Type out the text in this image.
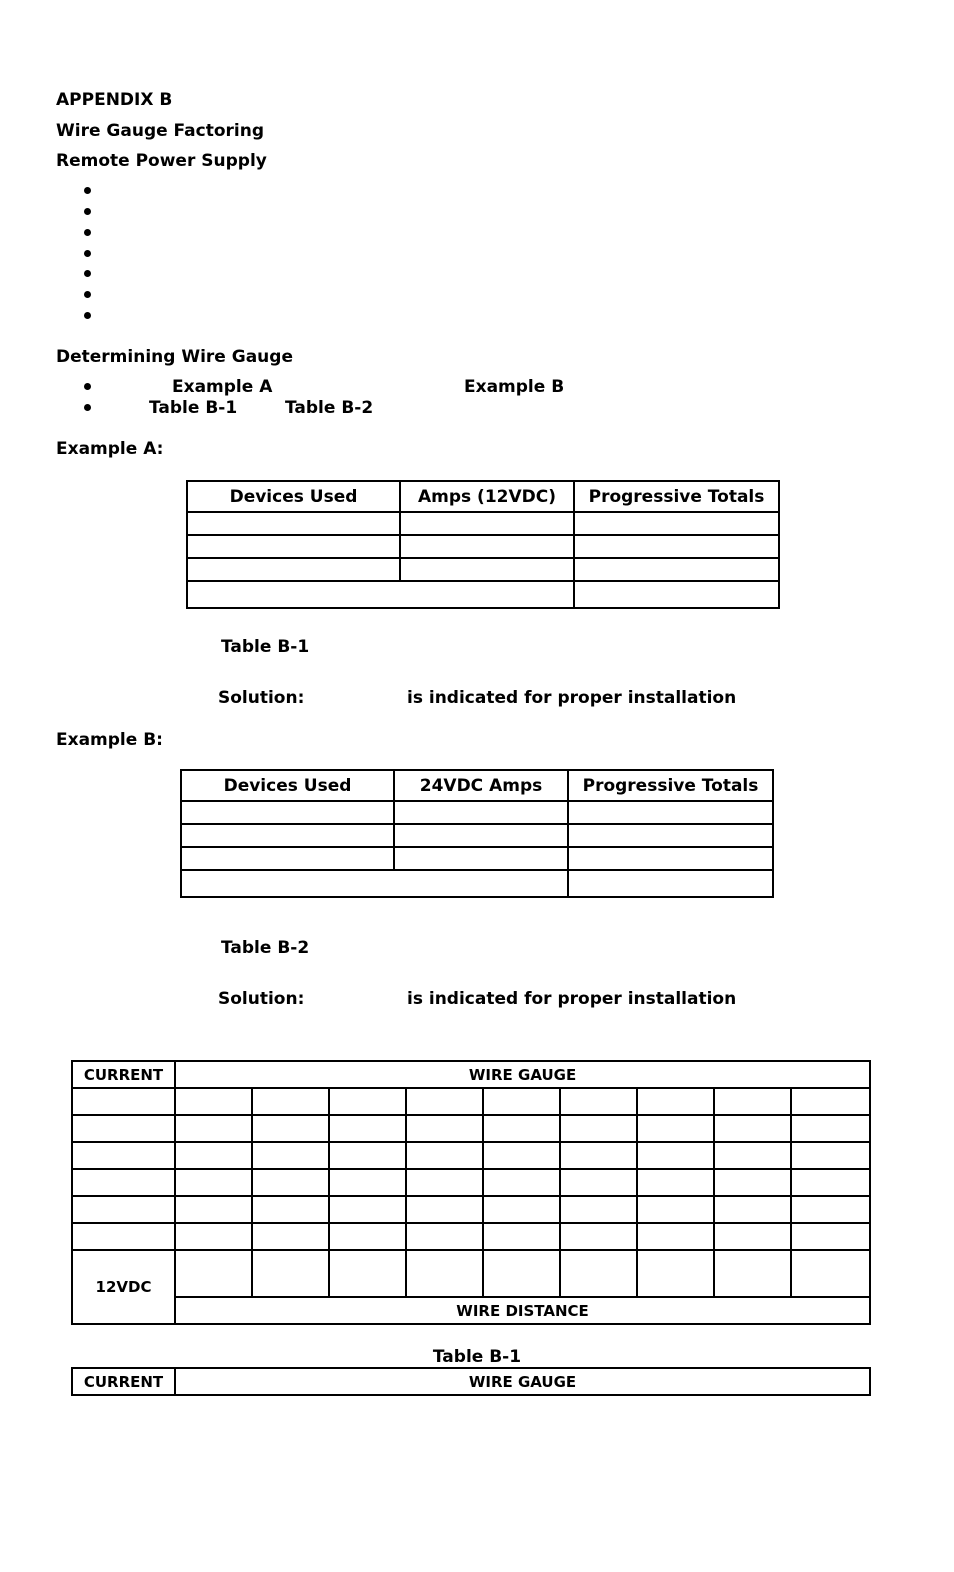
APPENDIX B
Wire Gauge Factoring
Remote Power Supply
Determining Wire Gauge
Example A	Example B
Table B-1	Table B-2
Example A:
Devices Used	Amps (12VDC)	Progressive Totals

Table B-1
Solution:	is indicated for proper installation
Example B:
Devices Used	24VDC Amps	Progressive Totals

Table B-2
Solution:	is indicated for proper installation
CURRENT	WIRE GAUGE								

12VDC									
	WIRE DISTANCE								
Table B-1
CURRENT	WIRE GAUGE
